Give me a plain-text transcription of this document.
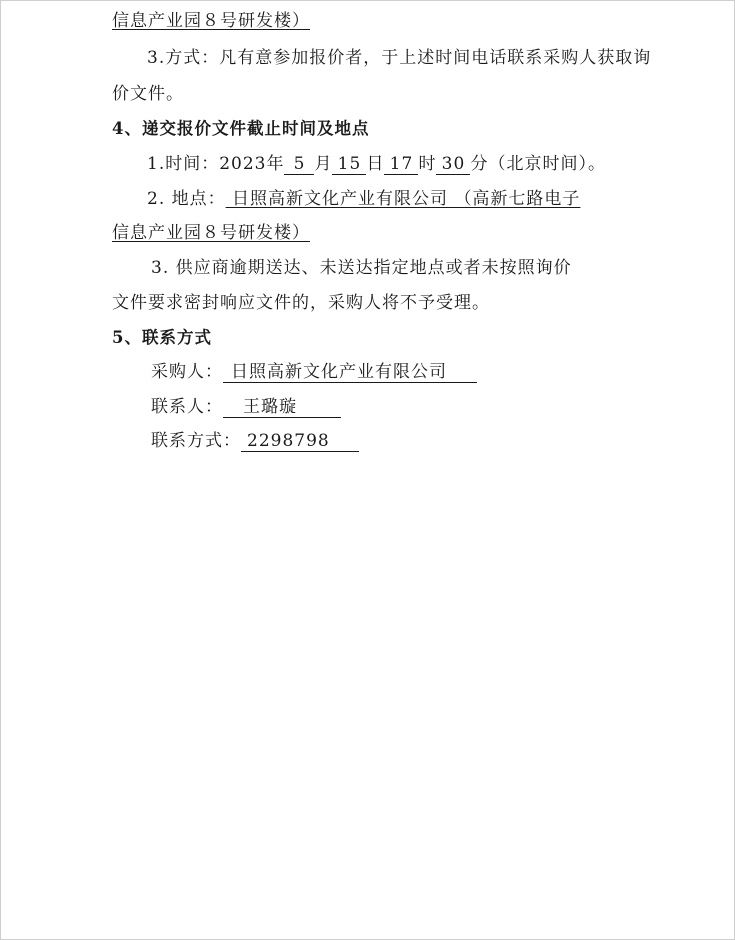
信息产业园８号研发楼）
3.方式：凡有意参加报价者，于上述时间电话联系采购人获取询
价文件。
4、递交报价文件截止时间及地点
1.时间：2023年 5 月 15 日 17 时 30 分（北京时间）。
2. 地点： 日照高新文化产业有限公司 （高新七路电子
信息产业园８号研发楼）
3. 供应商逾期送达、未送达指定地点或者未按照询价
文件要求密封响应文件的，采购人将不予受理。
5、联系方式
采购人： 日照高新文化产业有限公司
联系人： 王璐璇
联系方式： 2298798
